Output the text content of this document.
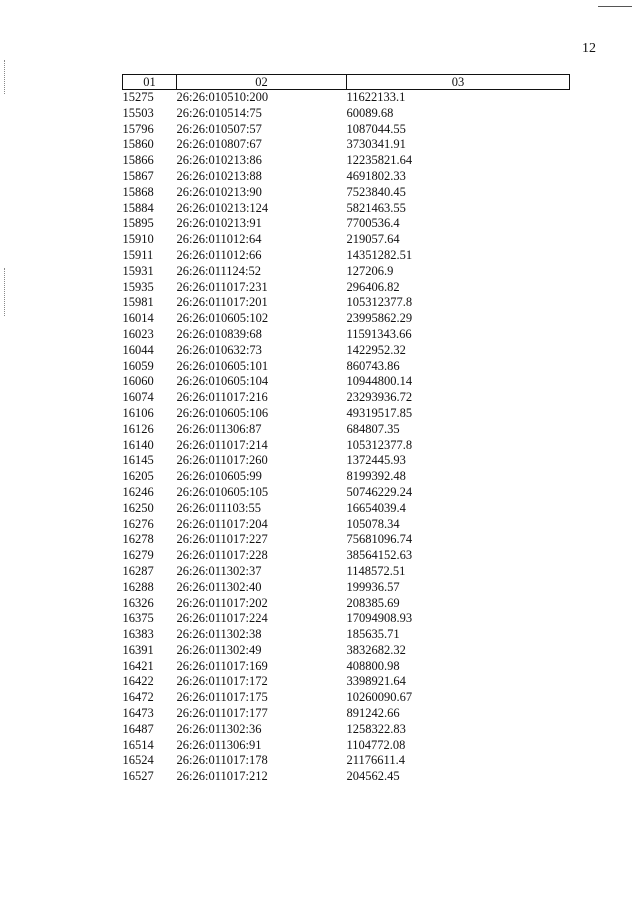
12
01	02	03
15275	26:26:010510:200	11622133.1
15503	26:26:010514:75	60089.68
15796	26:26:010507:57	1087044.55
15860	26:26:010807:67	3730341.91
15866	26:26:010213:86	12235821.64
15867	26:26:010213:88	4691802.33
15868	26:26:010213:90	7523840.45
15884	26:26:010213:124	5821463.55
15895	26:26:010213:91	7700536.4
15910	26:26:011012:64	219057.64
15911	26:26:011012:66	14351282.51
15931	26:26:011124:52	127206.9
15935	26:26:011017:231	296406.82
15981	26:26:011017:201	105312377.8
16014	26:26:010605:102	23995862.29
16023	26:26:010839:68	11591343.66
16044	26:26:010632:73	1422952.32
16059	26:26:010605:101	860743.86
16060	26:26:010605:104	10944800.14
16074	26:26:011017:216	23293936.72
16106	26:26:010605:106	49319517.85
16126	26:26:011306:87	684807.35
16140	26:26:011017:214	105312377.8
16145	26:26:011017:260	1372445.93
16205	26:26:010605:99	8199392.48
16246	26:26:010605:105	50746229.24
16250	26:26:011103:55	16654039.4
16276	26:26:011017:204	105078.34
16278	26:26:011017:227	75681096.74
16279	26:26:011017:228	38564152.63
16287	26:26:011302:37	1148572.51
16288	26:26:011302:40	199936.57
16326	26:26:011017:202	208385.69
16375	26:26:011017:224	17094908.93
16383	26:26:011302:38	185635.71
16391	26:26:011302:49	3832682.32
16421	26:26:011017:169	408800.98
16422	26:26:011017:172	3398921.64
16472	26:26:011017:175	10260090.67
16473	26:26:011017:177	891242.66
16487	26:26:011302:36	1258322.83
16514	26:26:011306:91	1104772.08
16524	26:26:011017:178	21176611.4
16527	26:26:011017:212	204562.45
